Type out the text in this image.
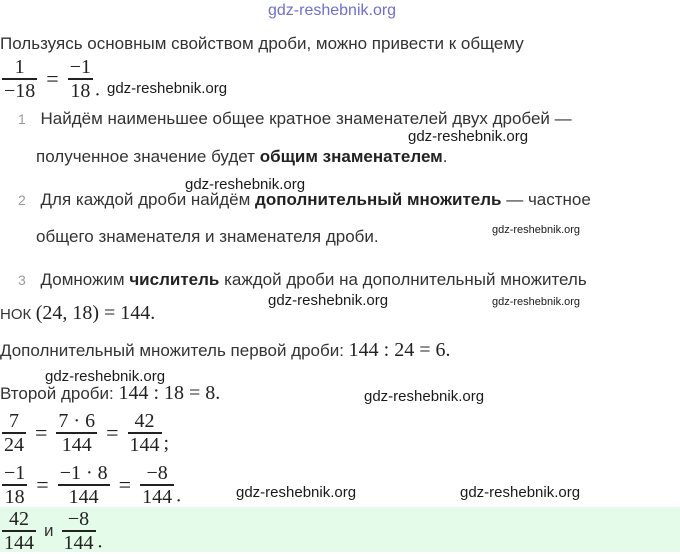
gdz-reshebnik.org
Пользуясь основным свойством дроби, можно привести к общему
$\frac{1}{-18} = \frac{-1}{18}$ .
1 Найдём наименьшее общее кратное знаменателей двух дробей —
полученное значение будет общим знаменателем.
2 Для каждой дроби найдём дополнительный множитель — частное
общего знаменателя и знаменателя дроби.
3 Домножим числитель каждой дроби на дополнительный множитель
НОК (24, 18) = 144.
Дополнительный множитель первой дроби: 144 : 24 = 6.
Второй дроби: 144 : 18 = 8.
$\frac{7}{24} = \frac{7 \cdot 6}{144} = \frac{42}{144}$ ;
$\frac{-1}{18} = \frac{-1 \cdot 8}{144} = \frac{-8}{144}$ .
$\frac{42}{144}$ и $\frac{-8}{144}$ .
gdz-reshebnik.org
gdz-reshebnik.org
gdz-reshebnik.org
gdz-reshebnik.org
gdz-reshebnik.org	gdz-reshebnik.org
gdz-reshebnik.org
gdz-reshebnik.org
gdz-reshebnik.org	gdz-reshebnik.org
